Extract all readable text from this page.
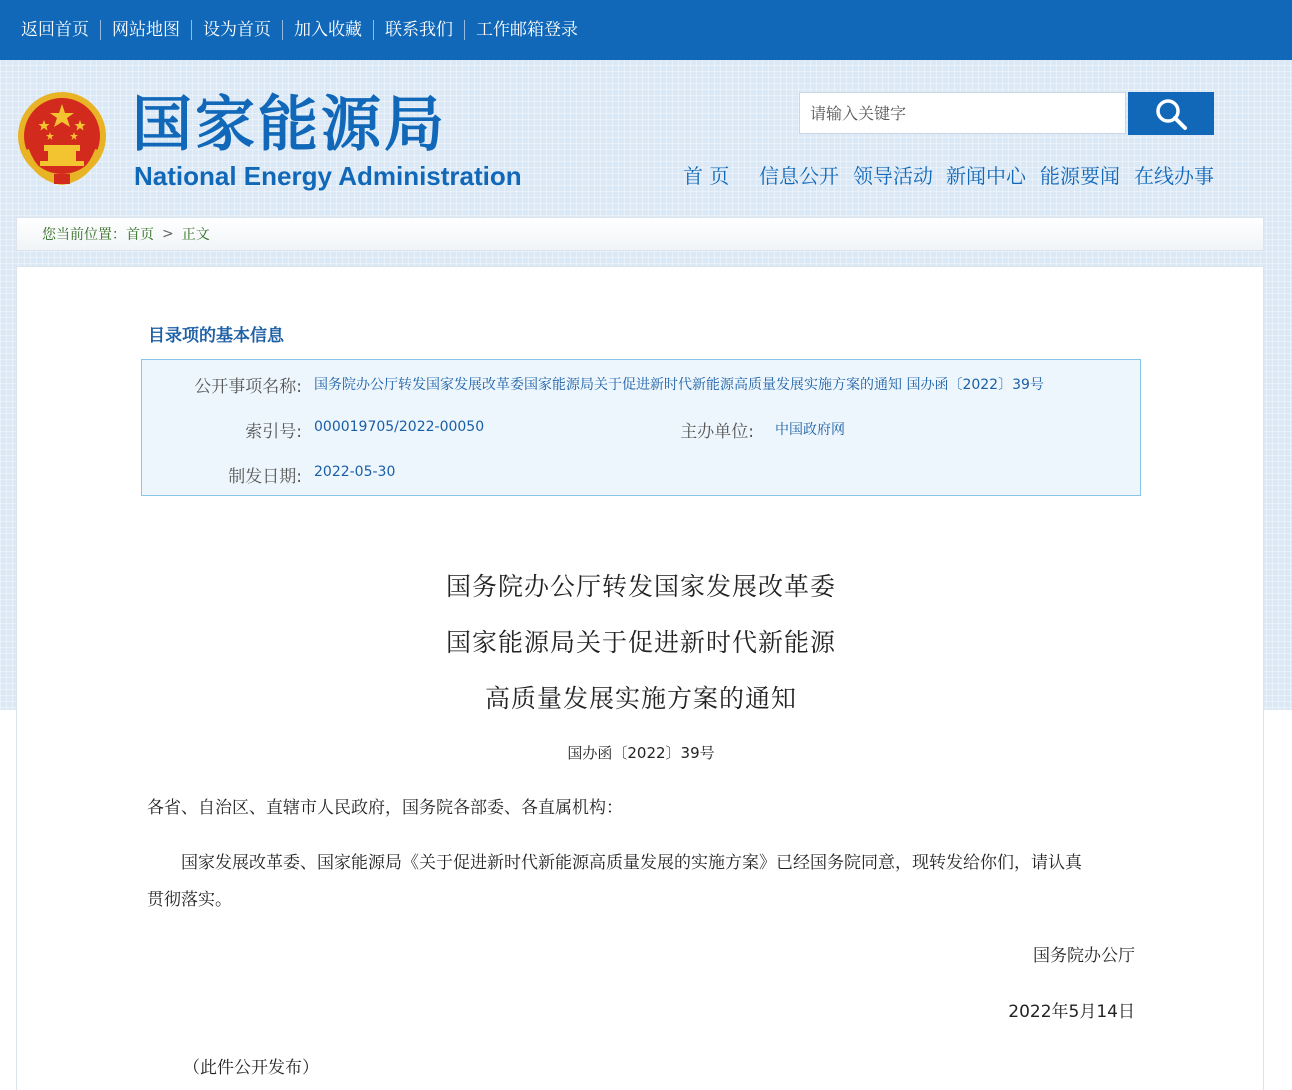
返回首页	网站地图	设为首页	加入收藏	联系我们	工作邮箱登录
国家能源局
National Energy Administration
请输入关键字	首 页 信息公开 领导活动 新闻中心 能源要闻 在线办事
您当前位置： 首页 > 正文
目录项的基本信息
公开事项名称: 国务院办公厅转发国家发展改革委国家能源局关于促进新时代新能源高质量发展实施方案的通知 国办函〔2022〕39号
索引号: 000019705/2022-00050	主办单位: 中国政府网
制发日期: 2022-05-30
国务院办公厅转发国家发展改革委
国家能源局关于促进新时代新能源
高质量发展实施方案的通知
国办函〔2022〕39号
各省、自治区、直辖市人民政府，国务院各部委、各直属机构：
国家发展改革委、国家能源局《关于促进新时代新能源高质量发展的实施方案》已经国务院同意，现转发给你们，请认真
贯彻落实。
国务院办公厅
2022年5月14日
（此件公开发布）
